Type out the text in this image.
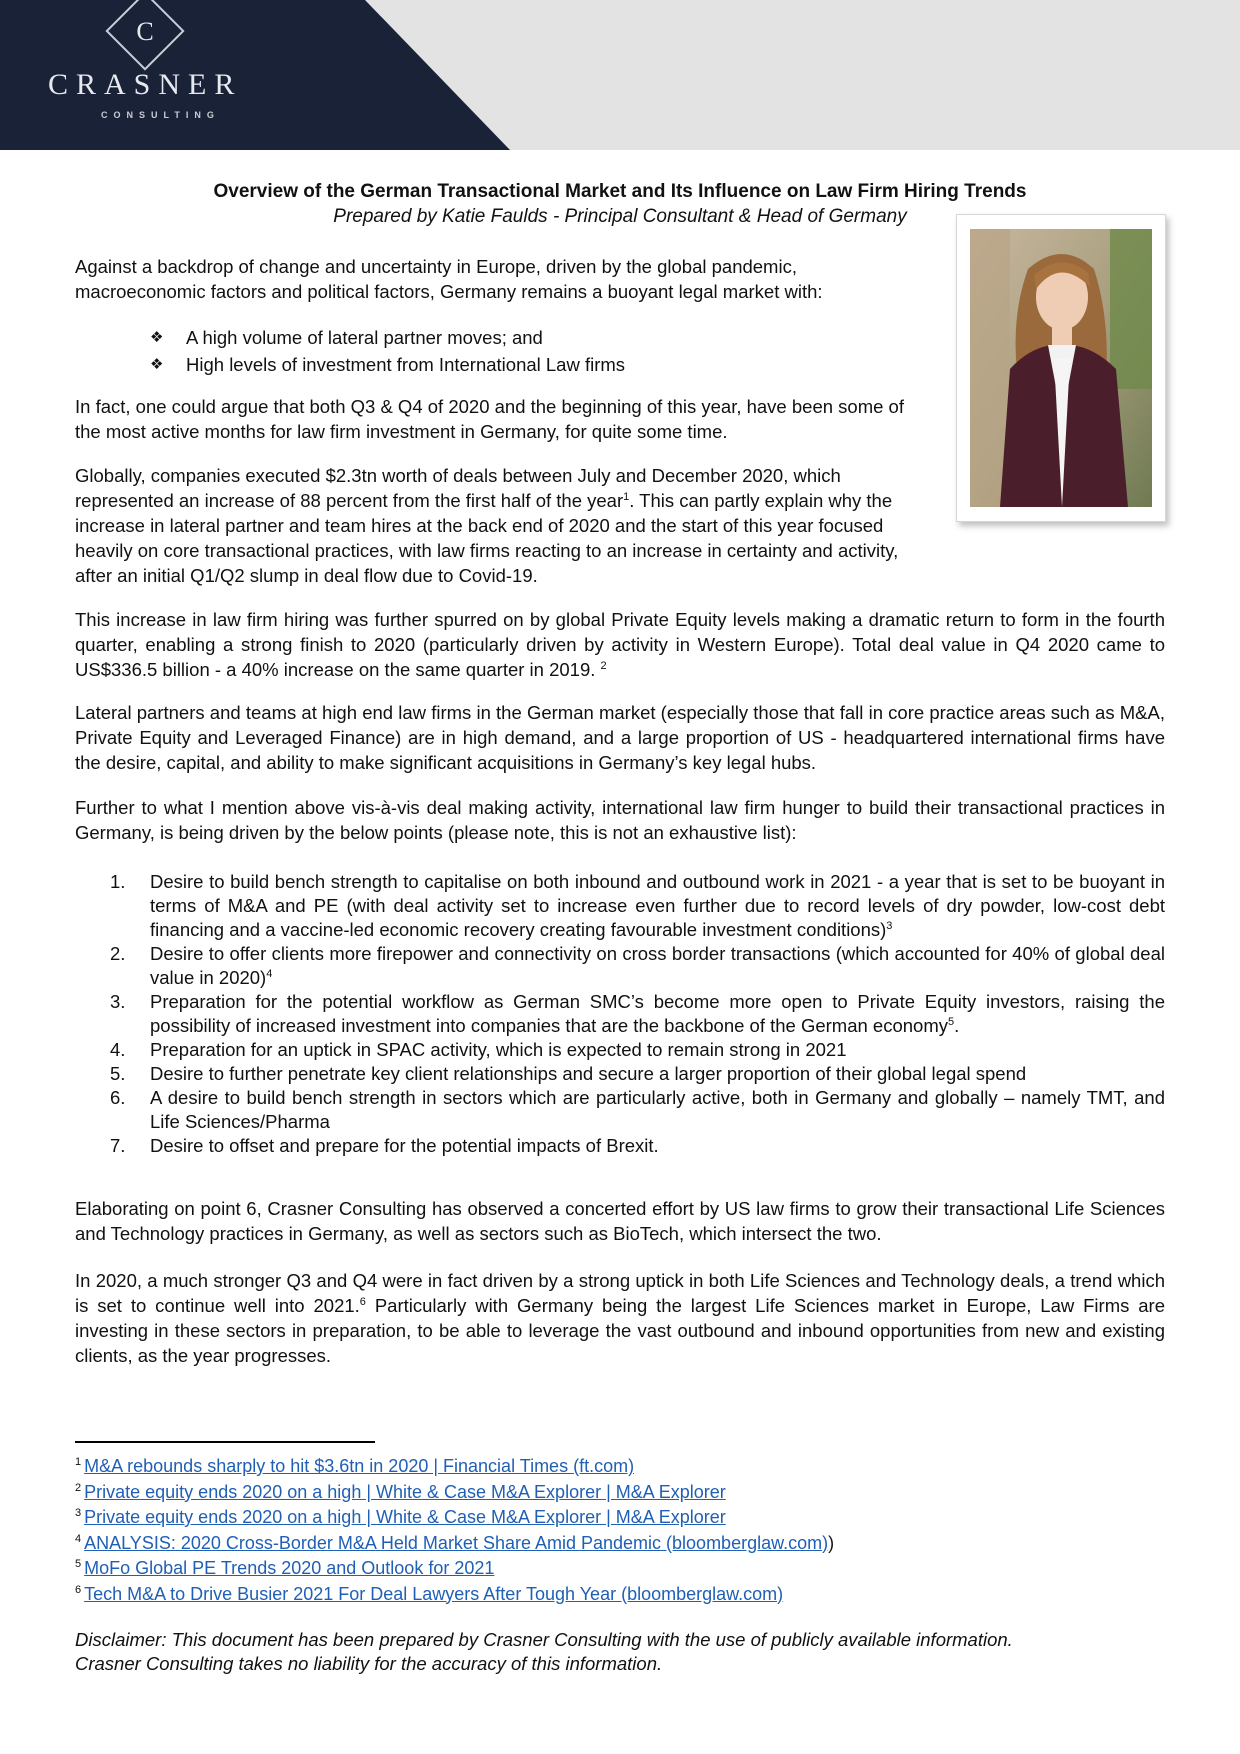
C
CRASNER
CONSULTING
Overview of the German Transactional Market and Its Influence on Law Firm Hiring Trends
Prepared by Katie Faulds - Principal Consultant & Head of Germany

Against a backdrop of change and uncertainty in Europe, driven by the global pandemic, macroeconomic factors and political factors, Germany remains a buoyant legal market with:

❖	A high volume of lateral partner moves; and
❖	High levels of investment from International Law firms

In fact, one could argue that both Q3 & Q4 of 2020 and the beginning of this year, have been some of the most active months for law firm investment in Germany, for quite some time.

Globally, companies executed $2.3tn worth of deals between July and December 2020, which represented an increase of 88 percent from the first half of the year$^1$. This can partly explain why the increase in lateral partner and team hires at the back end of 2020 and the start of this year focused heavily on core transactional practices, with law firms reacting to an increase in certainty and activity, after an initial Q1/Q2 slump in deal flow due to Covid-19.

This increase in law firm hiring was further spurred on by global Private Equity levels making a dramatic return to form in the fourth quarter, enabling a strong finish to 2020 (particularly driven by activity in Western Europe). Total deal value in Q4 2020 came to US$336.5 billion - a 40% increase on the same quarter in 2019. $^2$

Lateral partners and teams at high end law firms in the German market (especially those that fall in core practice areas such as M&A, Private Equity and Leveraged Finance) are in high demand, and a large proportion of US - headquartered international firms have the desire, capital, and ability to make significant acquisitions in Germany’s key legal hubs.

Further to what I mention above vis-à-vis deal making activity, international law firm hunger to build their transactional practices in Germany, is being driven by the below points (please note, this is not an exhaustive list):

1.	Desire to build bench strength to capitalise on both inbound and outbound work in 2021 - a year that is set to be buoyant in terms of M&A and PE (with deal activity set to increase even further due to record levels of dry powder, low-cost debt financing and a vaccine-led economic recovery creating favourable investment conditions)$^3$
2.	Desire to offer clients more firepower and connectivity on cross border transactions (which accounted for 40% of global deal value in 2020)$^4$
3.	Preparation for the potential workflow as German SMC’s become more open to Private Equity investors, raising the possibility of increased investment into companies that are the backbone of the German economy$^5$.
4.	Preparation for an uptick in SPAC activity, which is expected to remain strong in 2021
5.	Desire to further penetrate key client relationships and secure a larger proportion of their global legal spend
6.	A desire to build bench strength in sectors which are particularly active, both in Germany and globally – namely TMT, and Life Sciences/Pharma
7.	Desire to offset and prepare for the potential impacts of Brexit.

Elaborating on point 6, Crasner Consulting has observed a concerted effort by US law firms to grow their transactional Life Sciences and Technology practices in Germany, as well as sectors such as BioTech, which intersect the two.

In 2020, a much stronger Q3 and Q4 were in fact driven by a strong uptick in both Life Sciences and Technology deals, a trend which is set to continue well into 2021.$^6$ Particularly with Germany being the largest Life Sciences market in Europe, Law Firms are investing in these sectors in preparation, to be able to leverage the vast outbound and inbound opportunities from new and existing clients, as the year progresses.

$^1$ M&A rebounds sharply to hit $3.6tn in 2020 | Financial Times (ft.com)
$^2$ Private equity ends 2020 on a high | White & Case M&A Explorer | M&A Explorer
$^3$ Private equity ends 2020 on a high | White & Case M&A Explorer | M&A Explorer
$^4$ ANALYSIS: 2020 Cross-Border M&A Held Market Share Amid Pandemic (bloomberglaw.com))
$^5$ MoFo Global PE Trends 2020 and Outlook for 2021
$^6$ Tech M&A to Drive Busier 2021 For Deal Lawyers After Tough Year (bloomberglaw.com)
Disclaimer: This document has been prepared by Crasner Consulting with the use of publicly available information.
Crasner Consulting takes no liability for the accuracy of this information.
